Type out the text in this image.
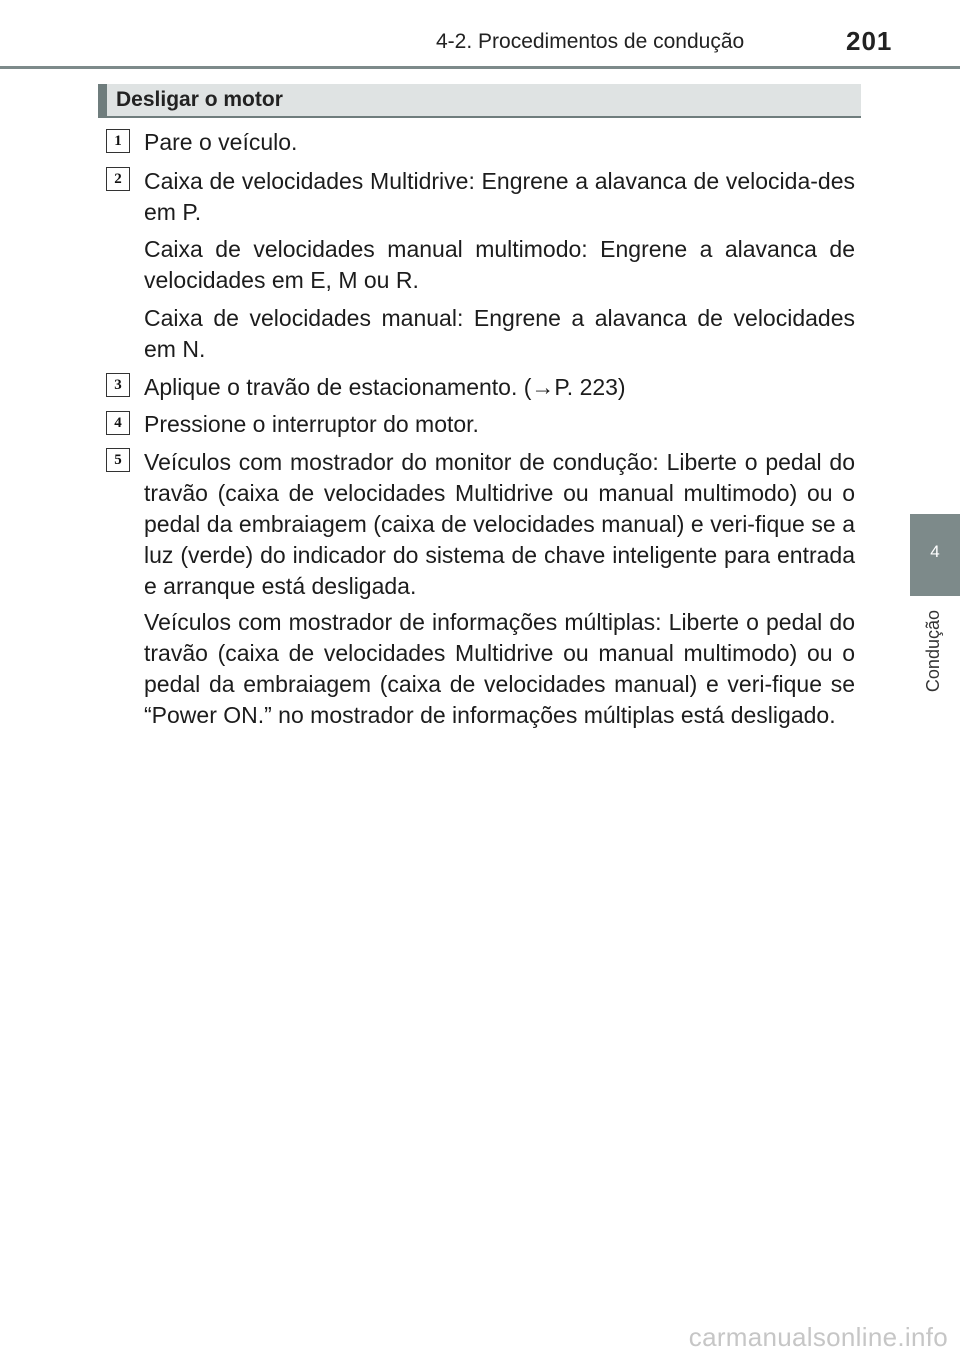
4-2. Procedimentos de condução	201
Desligar o motor
1 Pare o veículo.
2 Caixa de velocidades Multidrive: Engrene a alavanca de velocida-des em P.
Caixa de velocidades manual multimodo: Engrene a alavanca de velocidades em E, M ou R.
Caixa de velocidades manual: Engrene a alavanca de velocidades em N.
3 Aplique o travão de estacionamento. (→P. 223)
4 Pressione o interruptor do motor.
5 Veículos com mostrador do monitor de condução: Liberte o pedal do travão (caixa de velocidades Multidrive ou manual multimodo) ou o pedal da embraiagem (caixa de velocidades manual) e veri-fique se a luz (verde) do indicador do sistema de chave inteligente para entrada e arranque está desligada.
Veículos com mostrador de informações múltiplas: Liberte o pedal do travão (caixa de velocidades Multidrive ou manual multimodo) ou o pedal da embraiagem (caixa de velocidades manual) e veri-fique se “Power ON.” no mostrador de informações múltiplas está desligado.
4
Condução
carmanualsonline.info
